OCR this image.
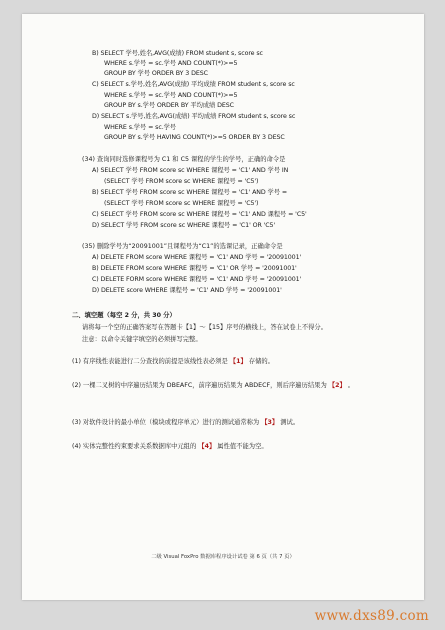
B) SELECT 学号,姓名,AVG(成绩) FROM student s, score sc
WHERE s.学号 = sc.学号 AND COUNT(*)>=5
GROUP BY 学号 ORDER BY 3 DESC
C) SELECT s.学号,姓名,AVG(成绩) 平均成绩 FROM student s, score sc
WHERE s.学号 = sc.学号 AND COUNT(*)>=5
GROUP BY s.学号 ORDER BY 平均成绩 DESC
D) SELECT s.学号,姓名,AVG(成绩) 平均成绩 FROM student s, score sc
WHERE s.学号 = sc.学号
GROUP BY s.学号 HAVING COUNT(*)>=5 ORDER BY 3 DESC
(34) 查询同时选修课程号为 C1 和 C5 课程的学生的学号，正确的命令是
A) SELECT 学号 FROM score sc WHERE 课程号 = 'C1' AND 学号 IN
(SELECT 学号 FROM score sc WHERE 课程号 = 'C5')
B) SELECT 学号 FROM score sc WHERE 课程号 = 'C1' AND 学号 =
(SELECT 学号 FROM score sc WHERE 课程号 = 'C5')
C) SELECT 学号 FROM score sc WHERE 课程号 = 'C1' AND 课程号 = 'C5'
D) SELECT 学号 FROM score sc WHERE 课程号 = 'C1' OR 'C5'
(35) 删除学号为“20091001”且课程号为“C1”的选课记录，正确命令是
A) DELETE FROM score WHERE 课程号 = 'C1' AND 学号 = '20091001'
B) DELETE FROM score WHERE 课程号 = 'C1' OR 学号 = '20091001'
C) DELETE FORM score WHERE 课程号 = 'C1' AND 学号 = '20091001'
D) DELETE score WHERE 课程号 = 'C1' AND 学号 = '20091001'
二、填空题（每空 2 分，共 30 分）
请将每一个空的正确答案写在答题卡【1】～【15】序号的横线上，答在试卷上不得分。
注意：以命令关键字填空的必须拼写完整。
(1) 有序线性表能进行二分查找的前提是该线性表必须是 【1】 存储的。
(2) 一棵二叉树的中序遍历结果为 DBEAFC，前序遍历结果为 ABDECF，则后序遍历结果为 【2】 。
(3) 对软件设计的最小单位（模块或程序单元）进行的测试通常称为 【3】 测试。
(4) 实体完整性约束要求关系数据库中元组的 【4】 属性值不能为空。
二级 Visual FoxPro 数据库程序设计试卷 第 6 页（共 7 页）
www.dxs89.com
